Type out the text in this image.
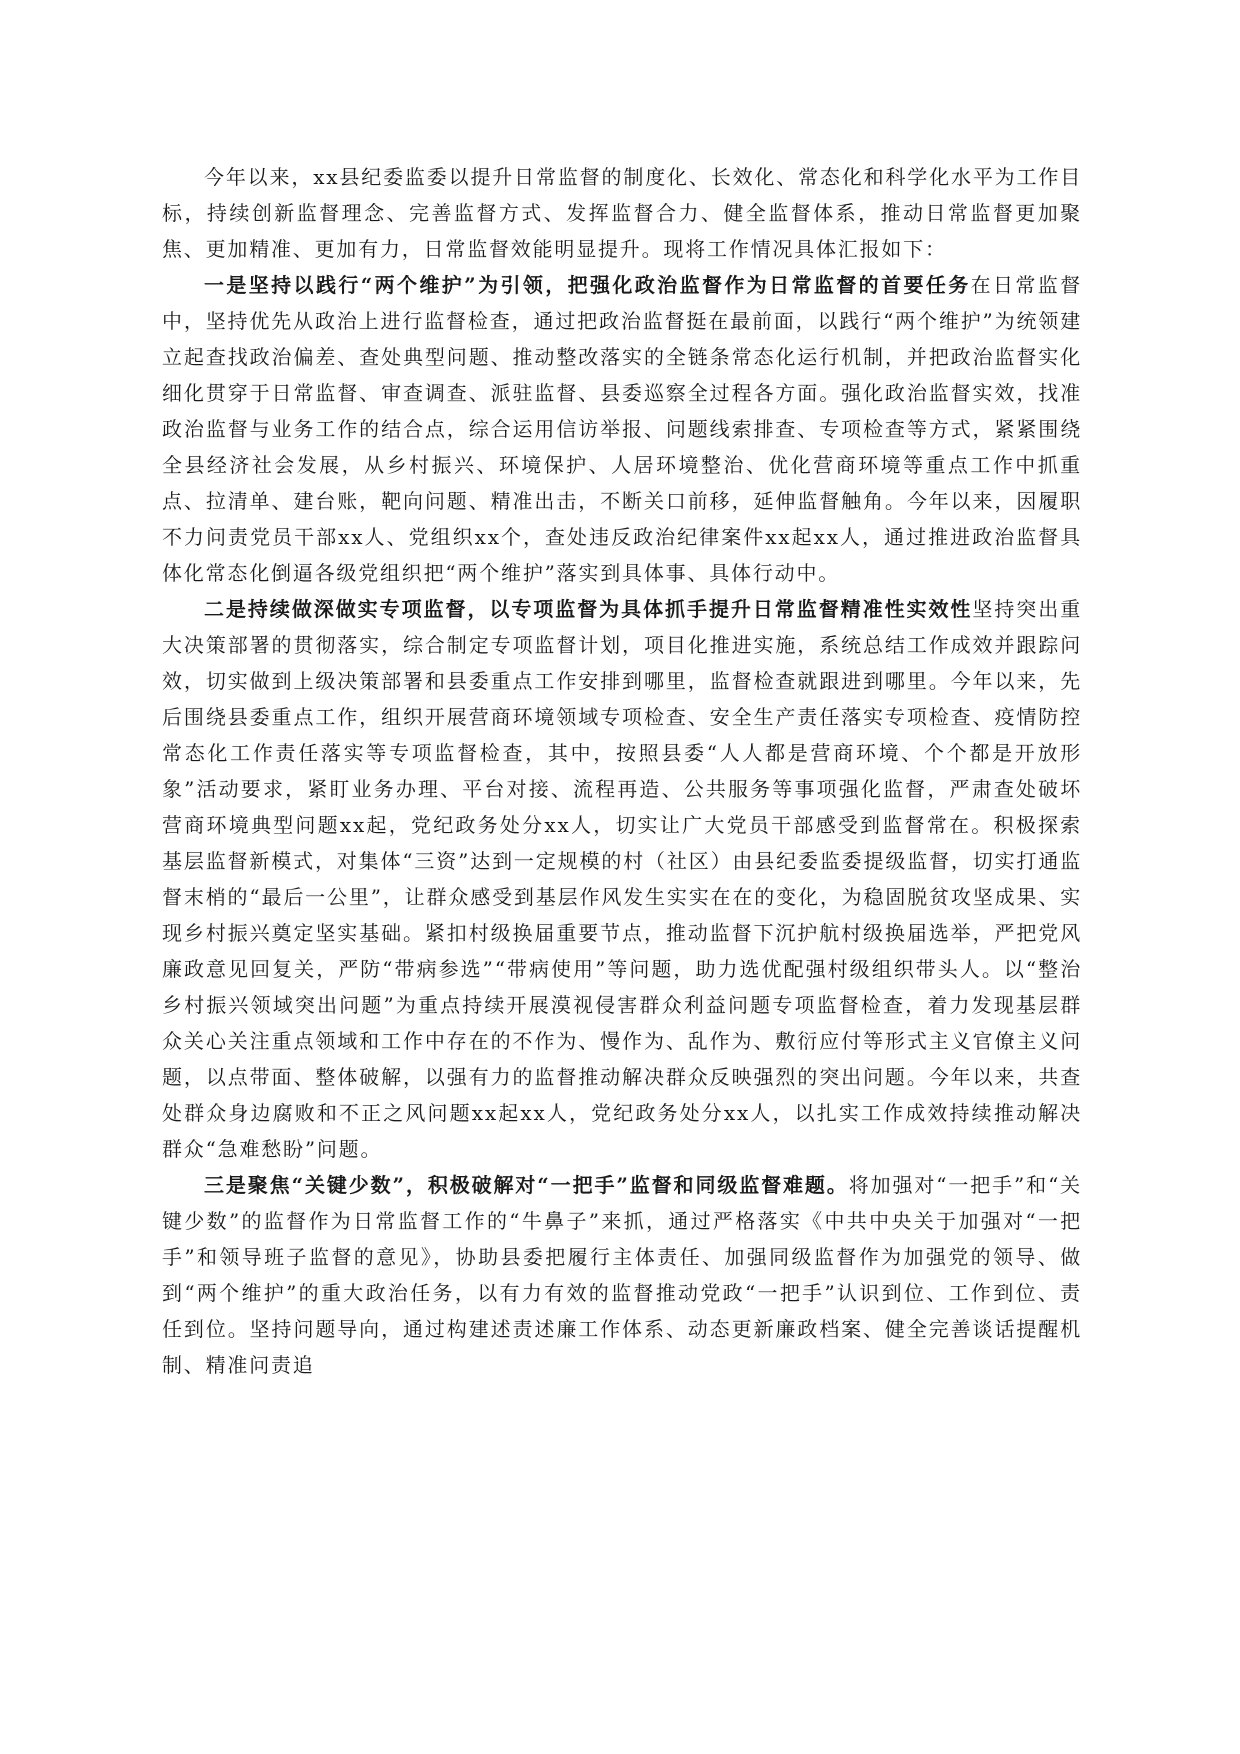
今年以来，xx县纪委监委以提升日常监督的制度化、长效化、常态化和科学化水平为工作目标，持续创新监督理念、完善监督方式、发挥监督合力、健全监督体系，推动日常监督更加聚焦、更加精准、更加有力，日常监督效能明显提升。现将工作情况具体汇报如下：

一是坚持以践行“两个维护”为引领，把强化政治监督作为日常监督的首要任务在日常监督中，坚持优先从政治上进行监督检查，通过把政治监督挺在最前面，以践行“两个维护”为统领建立起查找政治偏差、查处典型问题、推动整改落实的全链条常态化运行机制，并把政治监督实化细化贯穿于日常监督、审查调查、派驻监督、县委巡察全过程各方面。强化政治监督实效，找准政治监督与业务工作的结合点，综合运用信访举报、问题线索排查、专项检查等方式，紧紧围绕全县经济社会发展，从乡村振兴、环境保护、人居环境整治、优化营商环境等重点工作中抓重点、拉清单、建台账，靶向问题、精准出击，不断关口前移，延伸监督触角。今年以来，因履职不力问责党员干部xx人、党组织xx个，查处违反政治纪律案件xx起xx人，通过推进政治监督具体化常态化倒逼各级党组织把“两个维护”落实到具体事、具体行动中。

二是持续做深做实专项监督，以专项监督为具体抓手提升日常监督精准性实效性坚持突出重大决策部署的贯彻落实，综合制定专项监督计划，项目化推进实施，系统总结工作成效并跟踪问效，切实做到上级决策部署和县委重点工作安排到哪里，监督检查就跟进到哪里。今年以来，先后围绕县委重点工作，组织开展营商环境领域专项检查、安全生产责任落实专项检查、疫情防控常态化工作责任落实等专项监督检查，其中，按照县委“人人都是营商环境、个个都是开放形象”活动要求，紧盯业务办理、平台对接、流程再造、公共服务等事项强化监督，严肃查处破坏营商环境典型问题xx起，党纪政务处分xx人，切实让广大党员干部感受到监督常在。积极探索基层监督新模式，对集体“三资”达到一定规模的村（社区）由县纪委监委提级监督，切实打通监督末梢的“最后一公里”，让群众感受到基层作风发生实实在在的变化，为稳固脱贫攻坚成果、实现乡村振兴奠定坚实基础。紧扣村级换届重要节点，推动监督下沉护航村级换届选举，严把党风廉政意见回复关，严防“带病参选”“带病使用”等问题，助力选优配强村级组织带头人。以“整治乡村振兴领域突出问题”为重点持续开展漠视侵害群众利益问题专项监督检查，着力发现基层群众关心关注重点领域和工作中存在的不作为、慢作为、乱作为、敷衍应付等形式主义官僚主义问题，以点带面、整体破解，以强有力的监督推动解决群众反映强烈的突出问题。今年以来，共查处群众身边腐败和不正之风问题xx起xx人，党纪政务处分xx人，以扎实工作成效持续推动解决群众“急难愁盼”问题。

三是聚焦“关键少数”，积极破解对“一把手”监督和同级监督难题。将加强对“一把手”和“关键少数”的监督作为日常监督工作的“牛鼻子”来抓，通过严格落实《中共中央关于加强对“一把手”和领导班子监督的意见》，协助县委把履行主体责任、加强同级监督作为加强党的领导、做到“两个维护”的重大政治任务，以有力有效的监督推动党政“一把手”认识到位、工作到位、责任到位。坚持问题导向，通过构建述责述廉工作体系、动态更新廉政档案、健全完善谈话提醒机制、精准问责追
